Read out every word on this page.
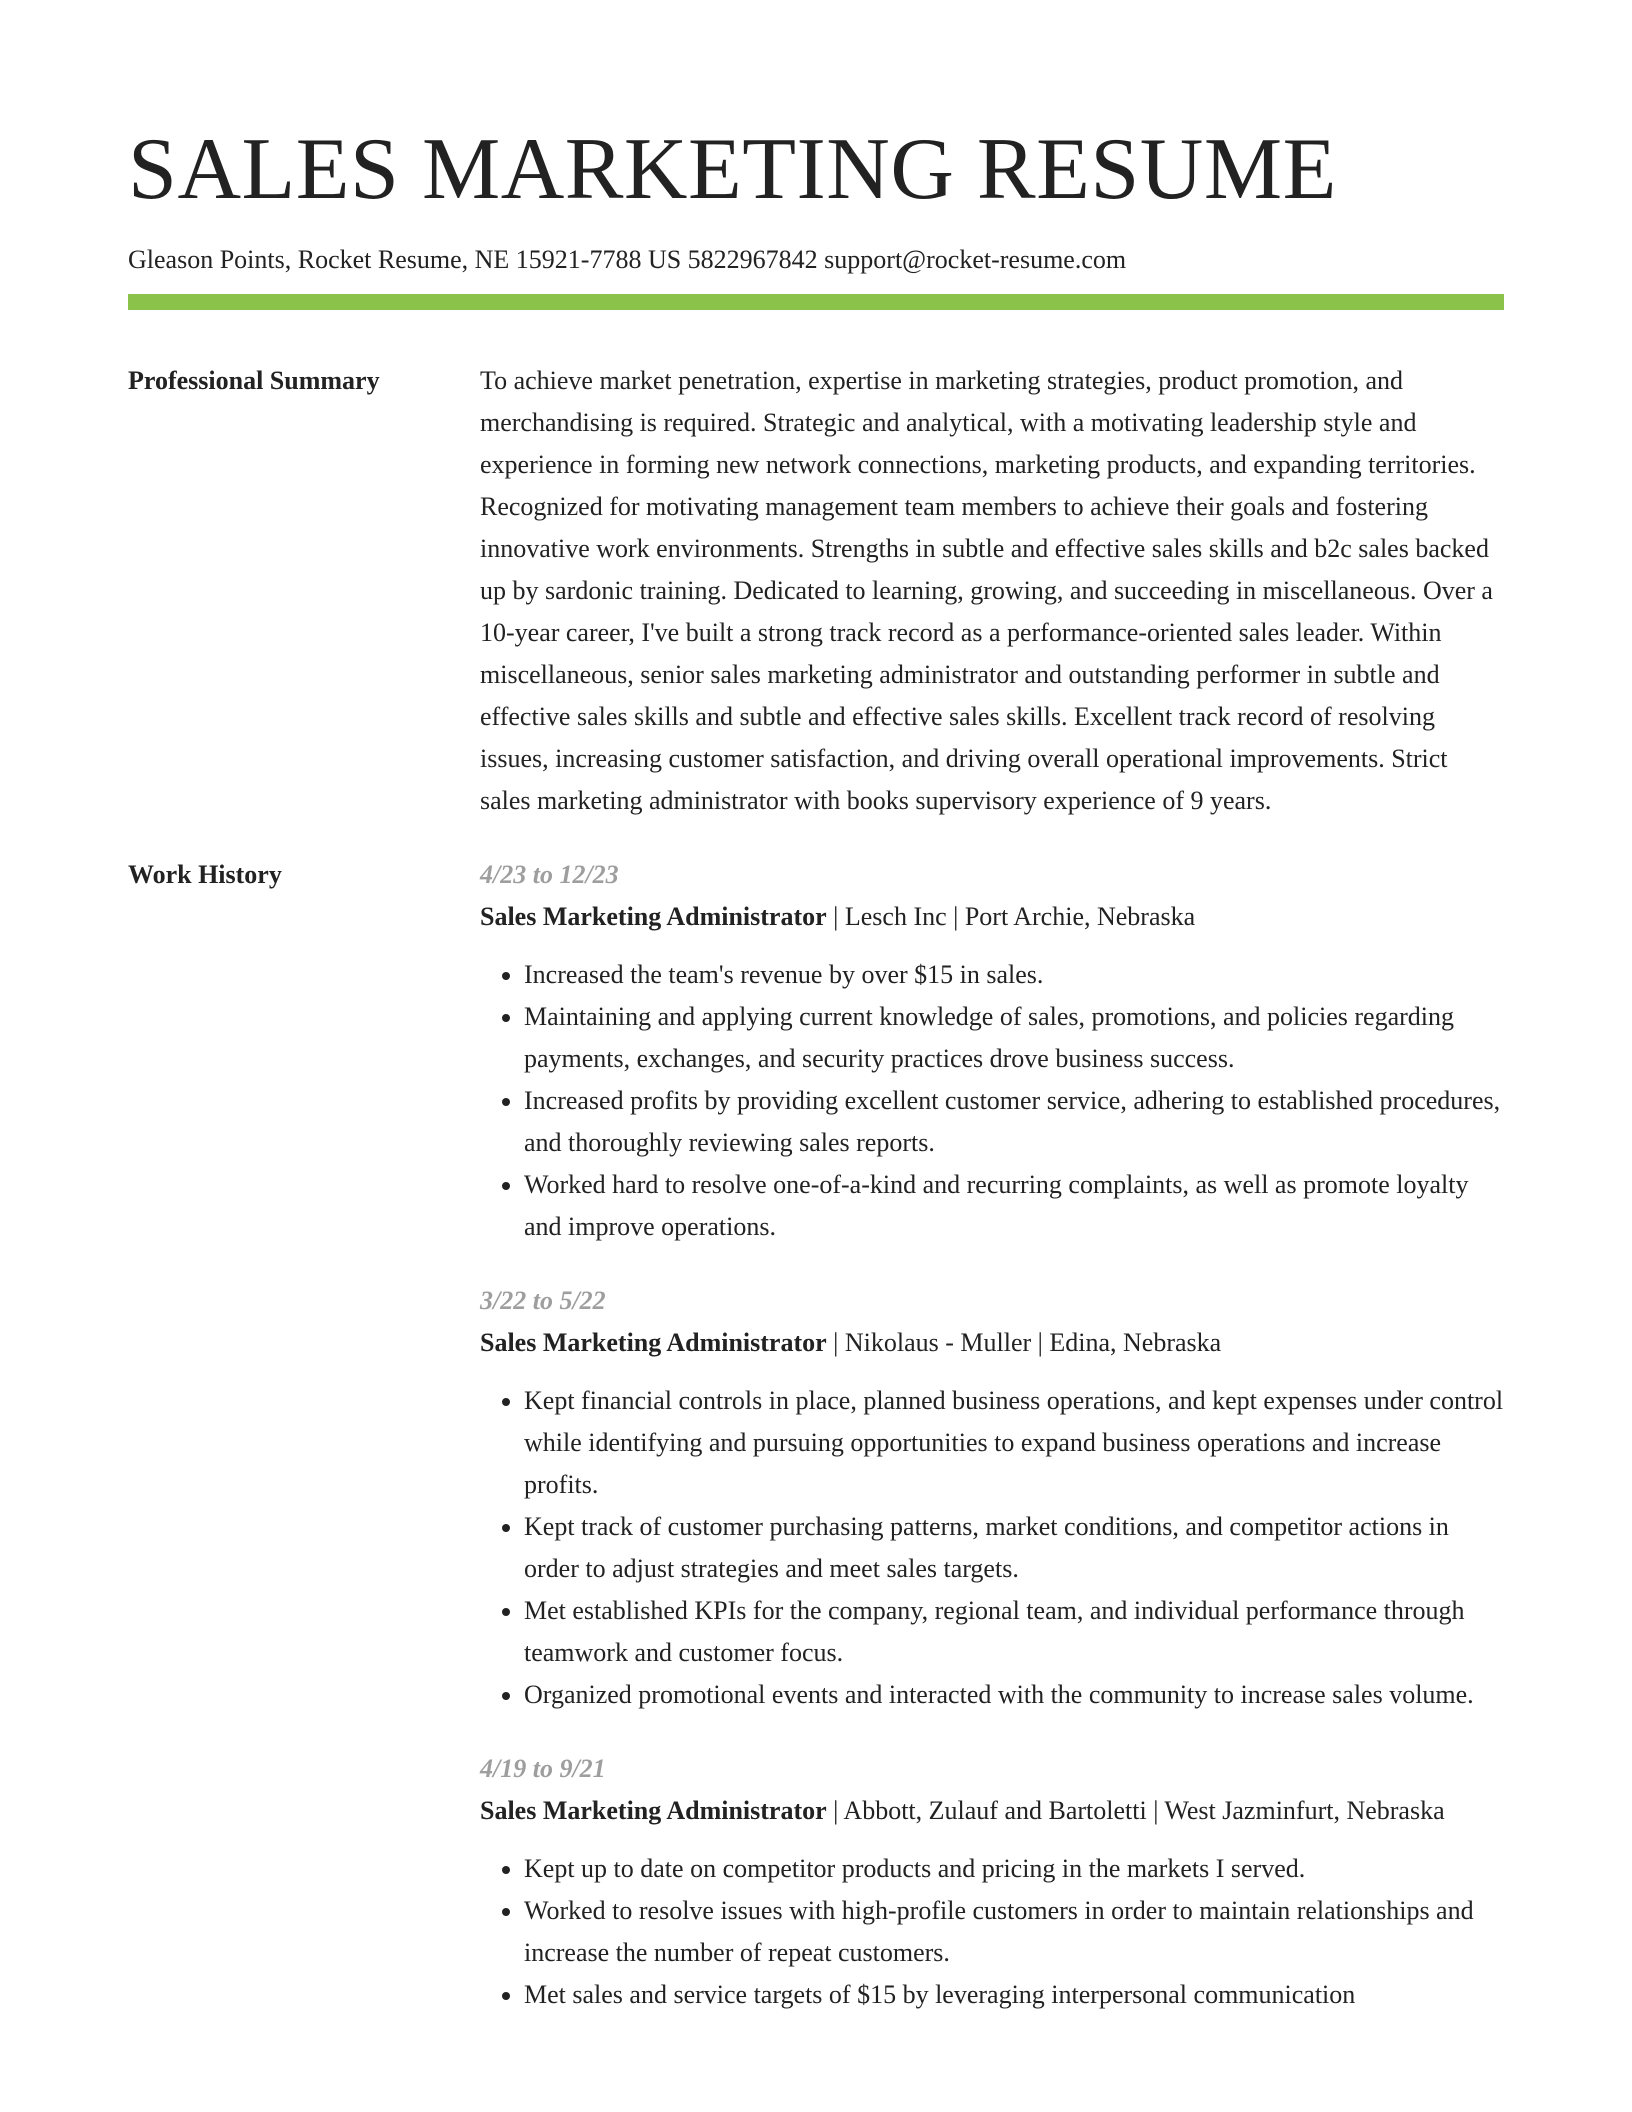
SALES MARKETING RESUME
Gleason Points, Rocket Resume, NE 15921-7788 US 5822967842 support@rocket-resume.com
Professional Summary	To achieve market penetration, expertise in marketing strategies, product promotion, and merchandising is required. Strategic and analytical, with a motivating leadership style and experience in forming new network connections, marketing products, and expanding territories. Recognized for motivating management team members to achieve their goals and fostering innovative work environments. Strengths in subtle and effective sales skills and b2c sales backed up by sardonic training. Dedicated to learning, growing, and succeeding in miscellaneous. Over a 10-year career, I've built a strong track record as a performance-oriented sales leader. Within miscellaneous, senior sales marketing administrator and outstanding performer in subtle and effective sales skills and subtle and effective sales skills. Excellent track record of resolving issues, increasing customer satisfaction, and driving overall operational improvements. Strict sales marketing administrator with books supervisory experience of 9 years.

Work History	4/23 to 12/23
Sales Marketing Administrator | Lesch Inc | Port Archie, Nebraska
• Increased the team's revenue by over $15 in sales.
• Maintaining and applying current knowledge of sales, promotions, and policies regarding payments, exchanges, and security practices drove business success.
• Increased profits by providing excellent customer service, adhering to established procedures, and thoroughly reviewing sales reports.
• Worked hard to resolve one-of-a-kind and recurring complaints, as well as promote loyalty and improve operations.
3/22 to 5/22
Sales Marketing Administrator | Nikolaus - Muller | Edina, Nebraska
• Kept financial controls in place, planned business operations, and kept expenses under control while identifying and pursuing opportunities to expand business operations and increase profits.
• Kept track of customer purchasing patterns, market conditions, and competitor actions in order to adjust strategies and meet sales targets.
• Met established KPIs for the company, regional team, and individual performance through teamwork and customer focus.
• Organized promotional events and interacted with the community to increase sales volume.
4/19 to 9/21
Sales Marketing Administrator | Abbott, Zulauf and Bartoletti | West Jazminfurt, Nebraska
• Kept up to date on competitor products and pricing in the markets I served.
• Worked to resolve issues with high-profile customers in order to maintain relationships and increase the number of repeat customers.
• Met sales and service targets of $15 by leveraging interpersonal communication
